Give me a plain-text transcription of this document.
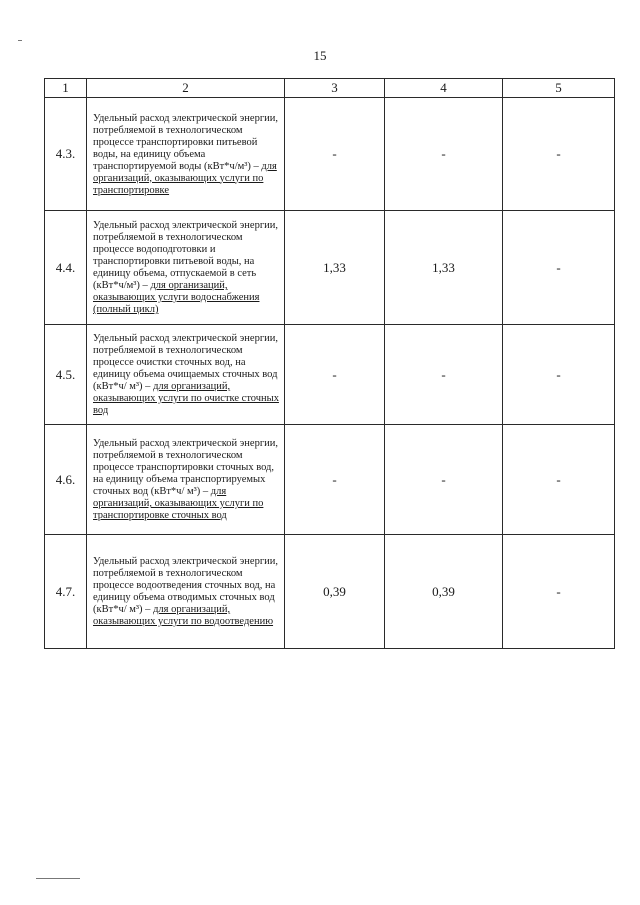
15
1	2	3	4	5
4.3.	Удельный расход электрической энергии, потребляемой в технологическом процессе транспортировки питьевой воды, на единицу объема транспортируемой воды (кВт*ч/м³) – для организаций, оказывающих услуги по транспортировке	-	-	-
4.4.	Удельный расход электрической энергии, потребляемой в технологическом процессе водоподготовки и транспортировки питьевой воды, на единицу объема, отпускаемой в сеть (кВт*ч/м³) – для организаций, оказывающих услуги водоснабжения (полный цикл)	1,33	1,33	-
4.5.	Удельный расход электрической энергии, потребляемой в технологическом процессе очистки сточных вод, на единицу объема очищаемых сточных вод (кВт*ч/ м³) – для организаций, оказывающих услуги по очистке сточных вод	-	-	-
4.6.	Удельный расход электрической энергии, потребляемой в технологическом процессе транспортировки сточных вод, на единицу объема транспортируемых сточных вод (кВт*ч/ м³) – для организаций, оказывающих услуги по транспортировке сточных вод	-	-	-
4.7.	Удельный расход электрической энергии, потребляемой в технологическом процессе водоотведения сточных вод, на единицу объема отводимых сточных вод (кВт*ч/ м³) – для организаций, оказывающих услуги по водоотведению	0,39	0,39	-
